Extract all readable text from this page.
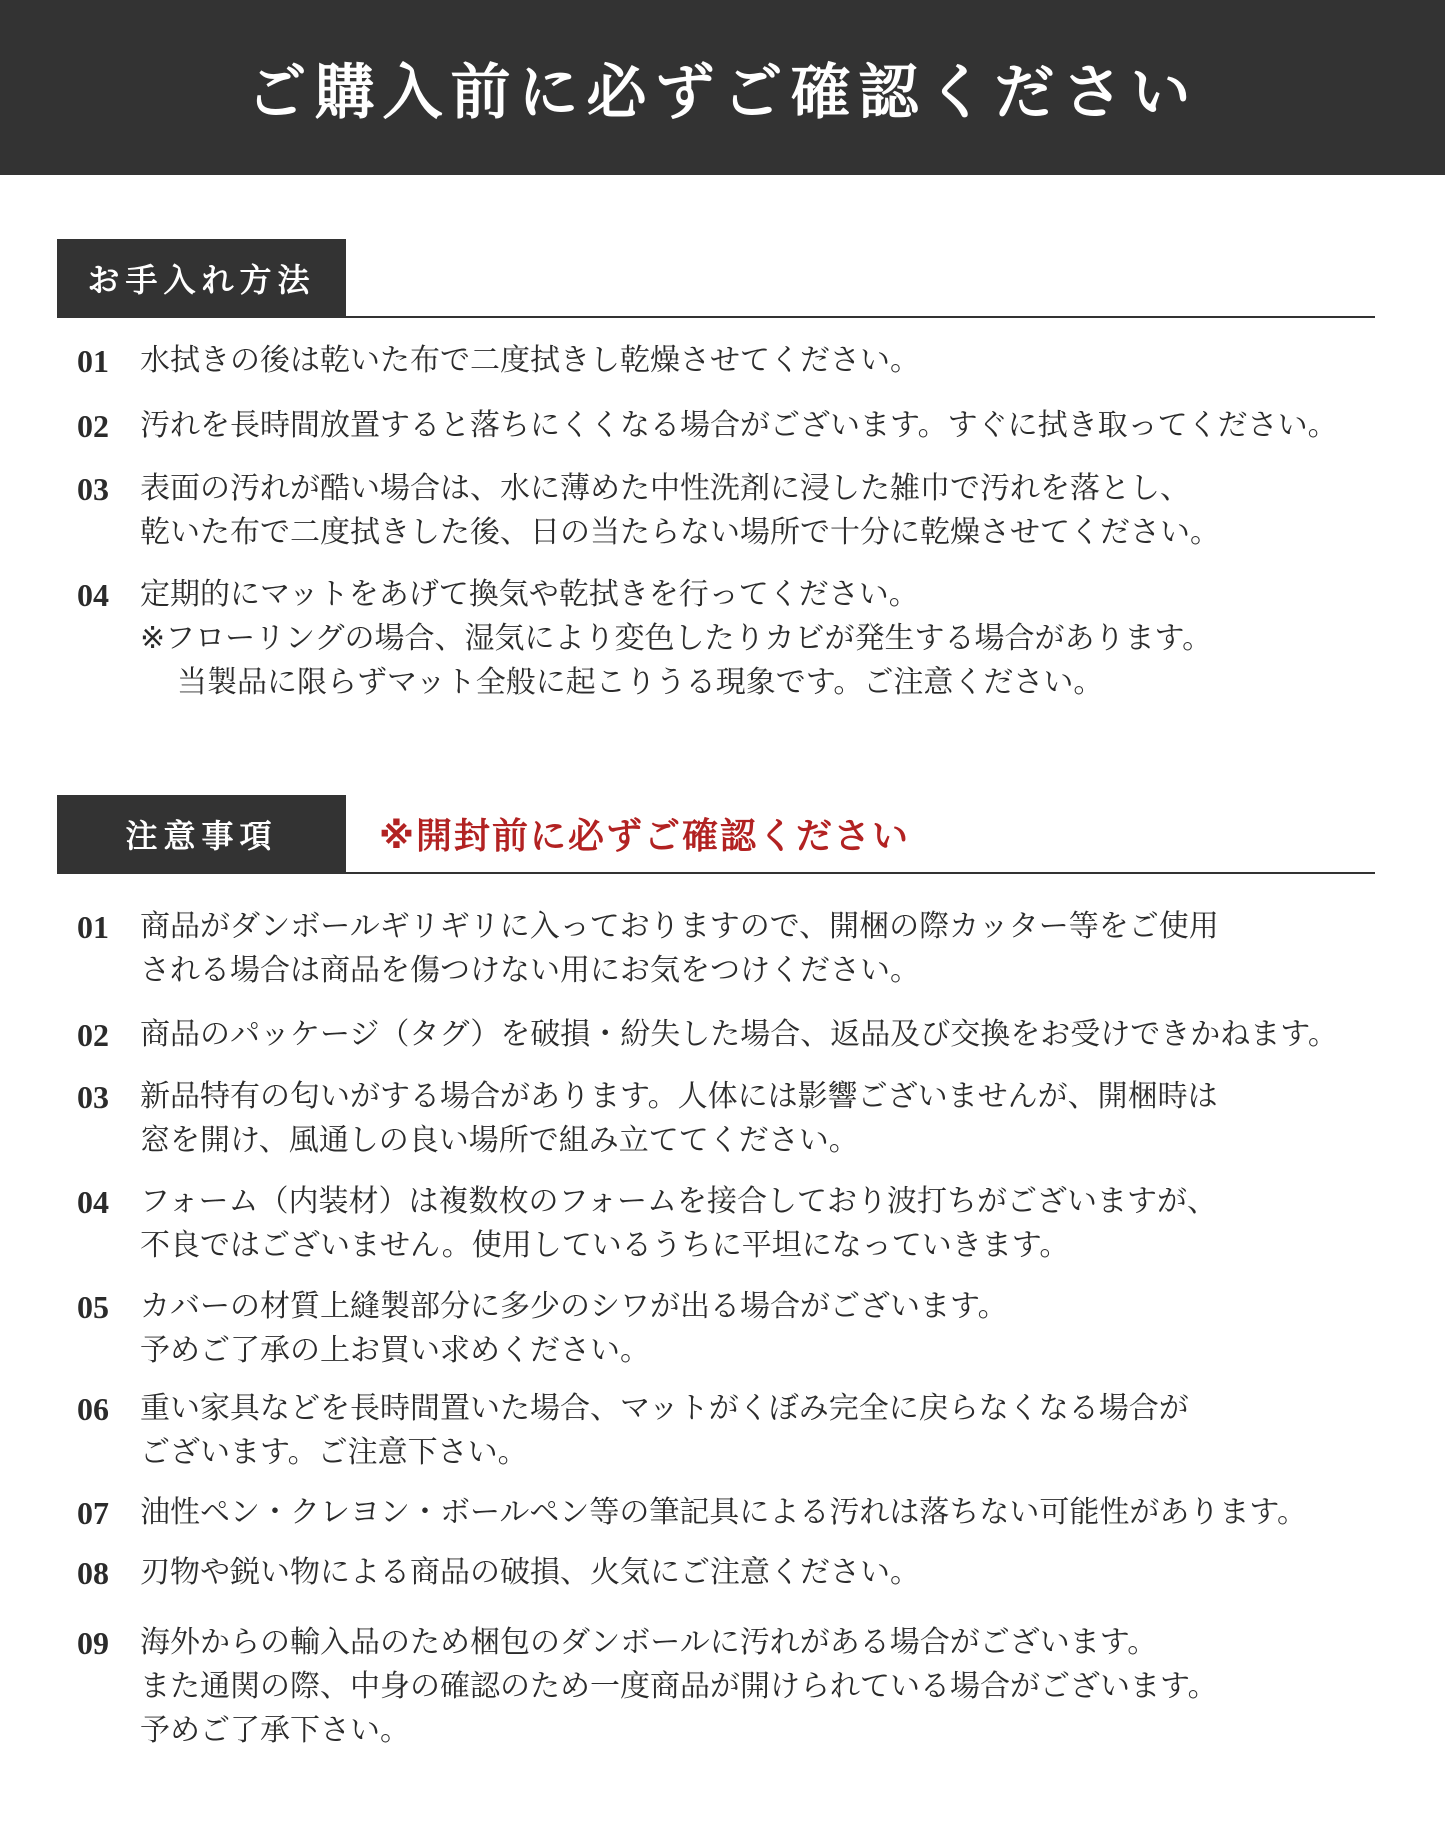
ご購入前に必ずご確認ください
お手入れ方法
01 水拭きの後は乾いた布で二度拭きし乾燥させてください。
02 汚れを長時間放置すると落ちにくくなる場合がございます。すぐに拭き取ってください。
03 表面の汚れが酷い場合は、水に薄めた中性洗剤に浸した雑巾で汚れを落とし、
乾いた布で二度拭きした後、日の当たらない場所で十分に乾燥させてください。
04 定期的にマットをあげて換気や乾拭きを行ってください。
※フローリングの場合、湿気により変色したりカビが発生する場合があります。
当製品に限らずマット全般に起こりうる現象です。ご注意ください。
注意事項	※開封前に必ずご確認ください
01 商品がダンボールギリギリに入っておりますので、開梱の際カッター等をご使用
される場合は商品を傷つけない用にお気をつけください。
02 商品のパッケージ（タグ）を破損・紛失した場合、返品及び交換をお受けできかねます。
03 新品特有の匂いがする場合があります。人体には影響ございませんが、開梱時は
窓を開け、風通しの良い場所で組み立ててください。
04 フォーム（内装材）は複数枚のフォームを接合しており波打ちがございますが、
不良ではございません。使用しているうちに平坦になっていきます。
05 カバーの材質上縫製部分に多少のシワが出る場合がございます。
予めご了承の上お買い求めください。
06 重い家具などを長時間置いた場合、マットがくぼみ完全に戻らなくなる場合が
ございます。ご注意下さい。
07 油性ペン・クレヨン・ボールペン等の筆記具による汚れは落ちない可能性があります。
08 刃物や鋭い物による商品の破損、火気にご注意ください。
09 海外からの輸入品のため梱包のダンボールに汚れがある場合がございます。
また通関の際、中身の確認のため一度商品が開けられている場合がございます。
予めご了承下さい。
